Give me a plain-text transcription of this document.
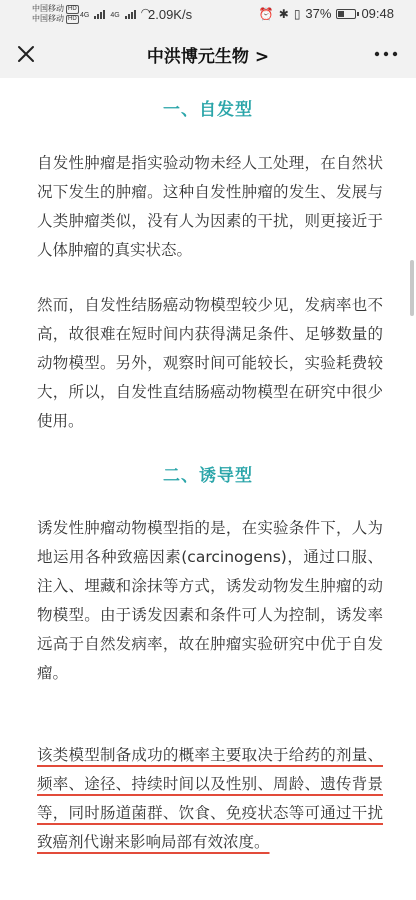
中国移动 HD
中国移动 HD 4G	4G ◠
2.09K/s	⏰ ✱ ▯ 37% 09:48
中洪博元生物 >
一、自发型

自发性肿瘤是指实验动物未经人工处理，在自然状况下发生的肿瘤。这种自发性肿瘤的发生、发展与人类肿瘤类似，没有人为因素的干扰，则更接近于人体肿瘤的真实状态。

然而，自发性结肠癌动物模型较少见，发病率也不高，故很难在短时间内获得满足条件、足够数量的动物模型。另外，观察时间可能较长，实验耗费较大，所以，自发性直结肠癌动物模型在研究中很少使用。

二、诱导型

诱发性肿瘤动物模型指的是，在实验条件下，人为地运用各种致癌因素(carcinogens)，通过口服、注入、埋藏和涂抹等方式，诱发动物发生肿瘤的动物模型。由于诱发因素和条件可人为控制，诱发率远高于自然发病率，故在肿瘤实验研究中优于自发瘤。

该类模型制备成功的概率主要取决于给药的剂量、频率、途径、持续时间以及性别、周龄、遗传背景等，同时肠道菌群、饮食、免疫状态等可通过干扰致癌剂代谢来影响局部有效浓度。
